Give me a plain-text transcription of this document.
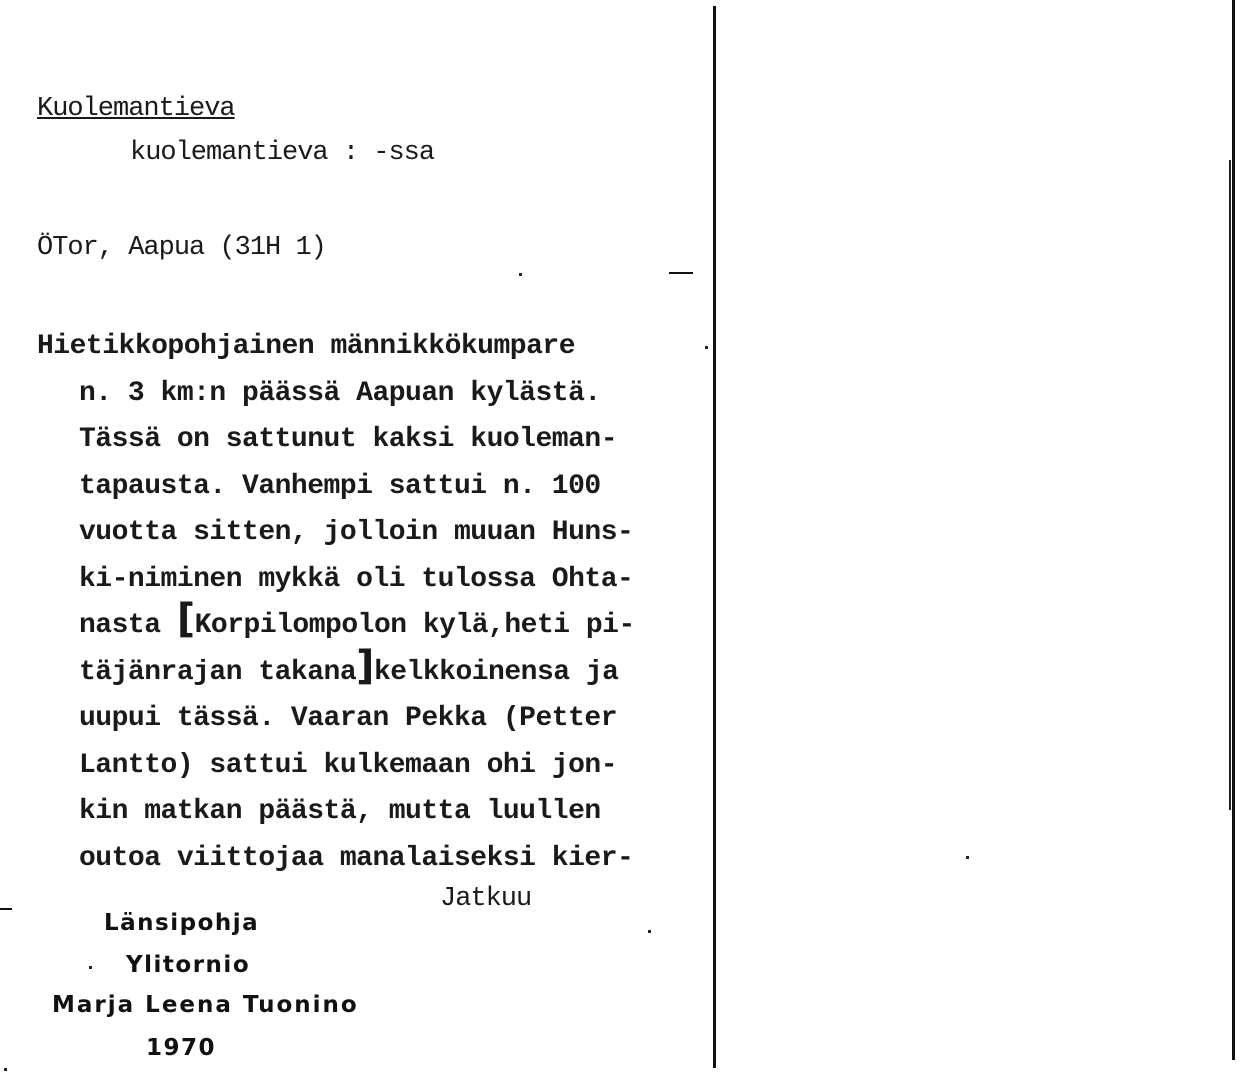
Kuolemantieva
kuolemantieva : -ssa
ÖTor, Aapua (31H 1)
Hietikkopohjainen männikkökumpare
n. 3 km:n päässä Aapuan kylästä.
Tässä on sattunut kaksi kuoleman-
tapausta. Vanhempi sattui n. 100
vuotta sitten, jolloin muuan Huns-
ki-niminen mykkä oli tulossa Ohta-
nasta [Korpilompolon kylä,heti pi-
täjänrajan takana]kelkkoinensa ja
uupui tässä. Vaaran Pekka (Petter
Lantto) sattui kulkemaan ohi jon-
kin matkan päästä, mutta luullen
outoa viittojaa manalaiseksi kier-
Jatkuu
Länsipohja
Ylitornio
Marja Leena Tuonino
1970
